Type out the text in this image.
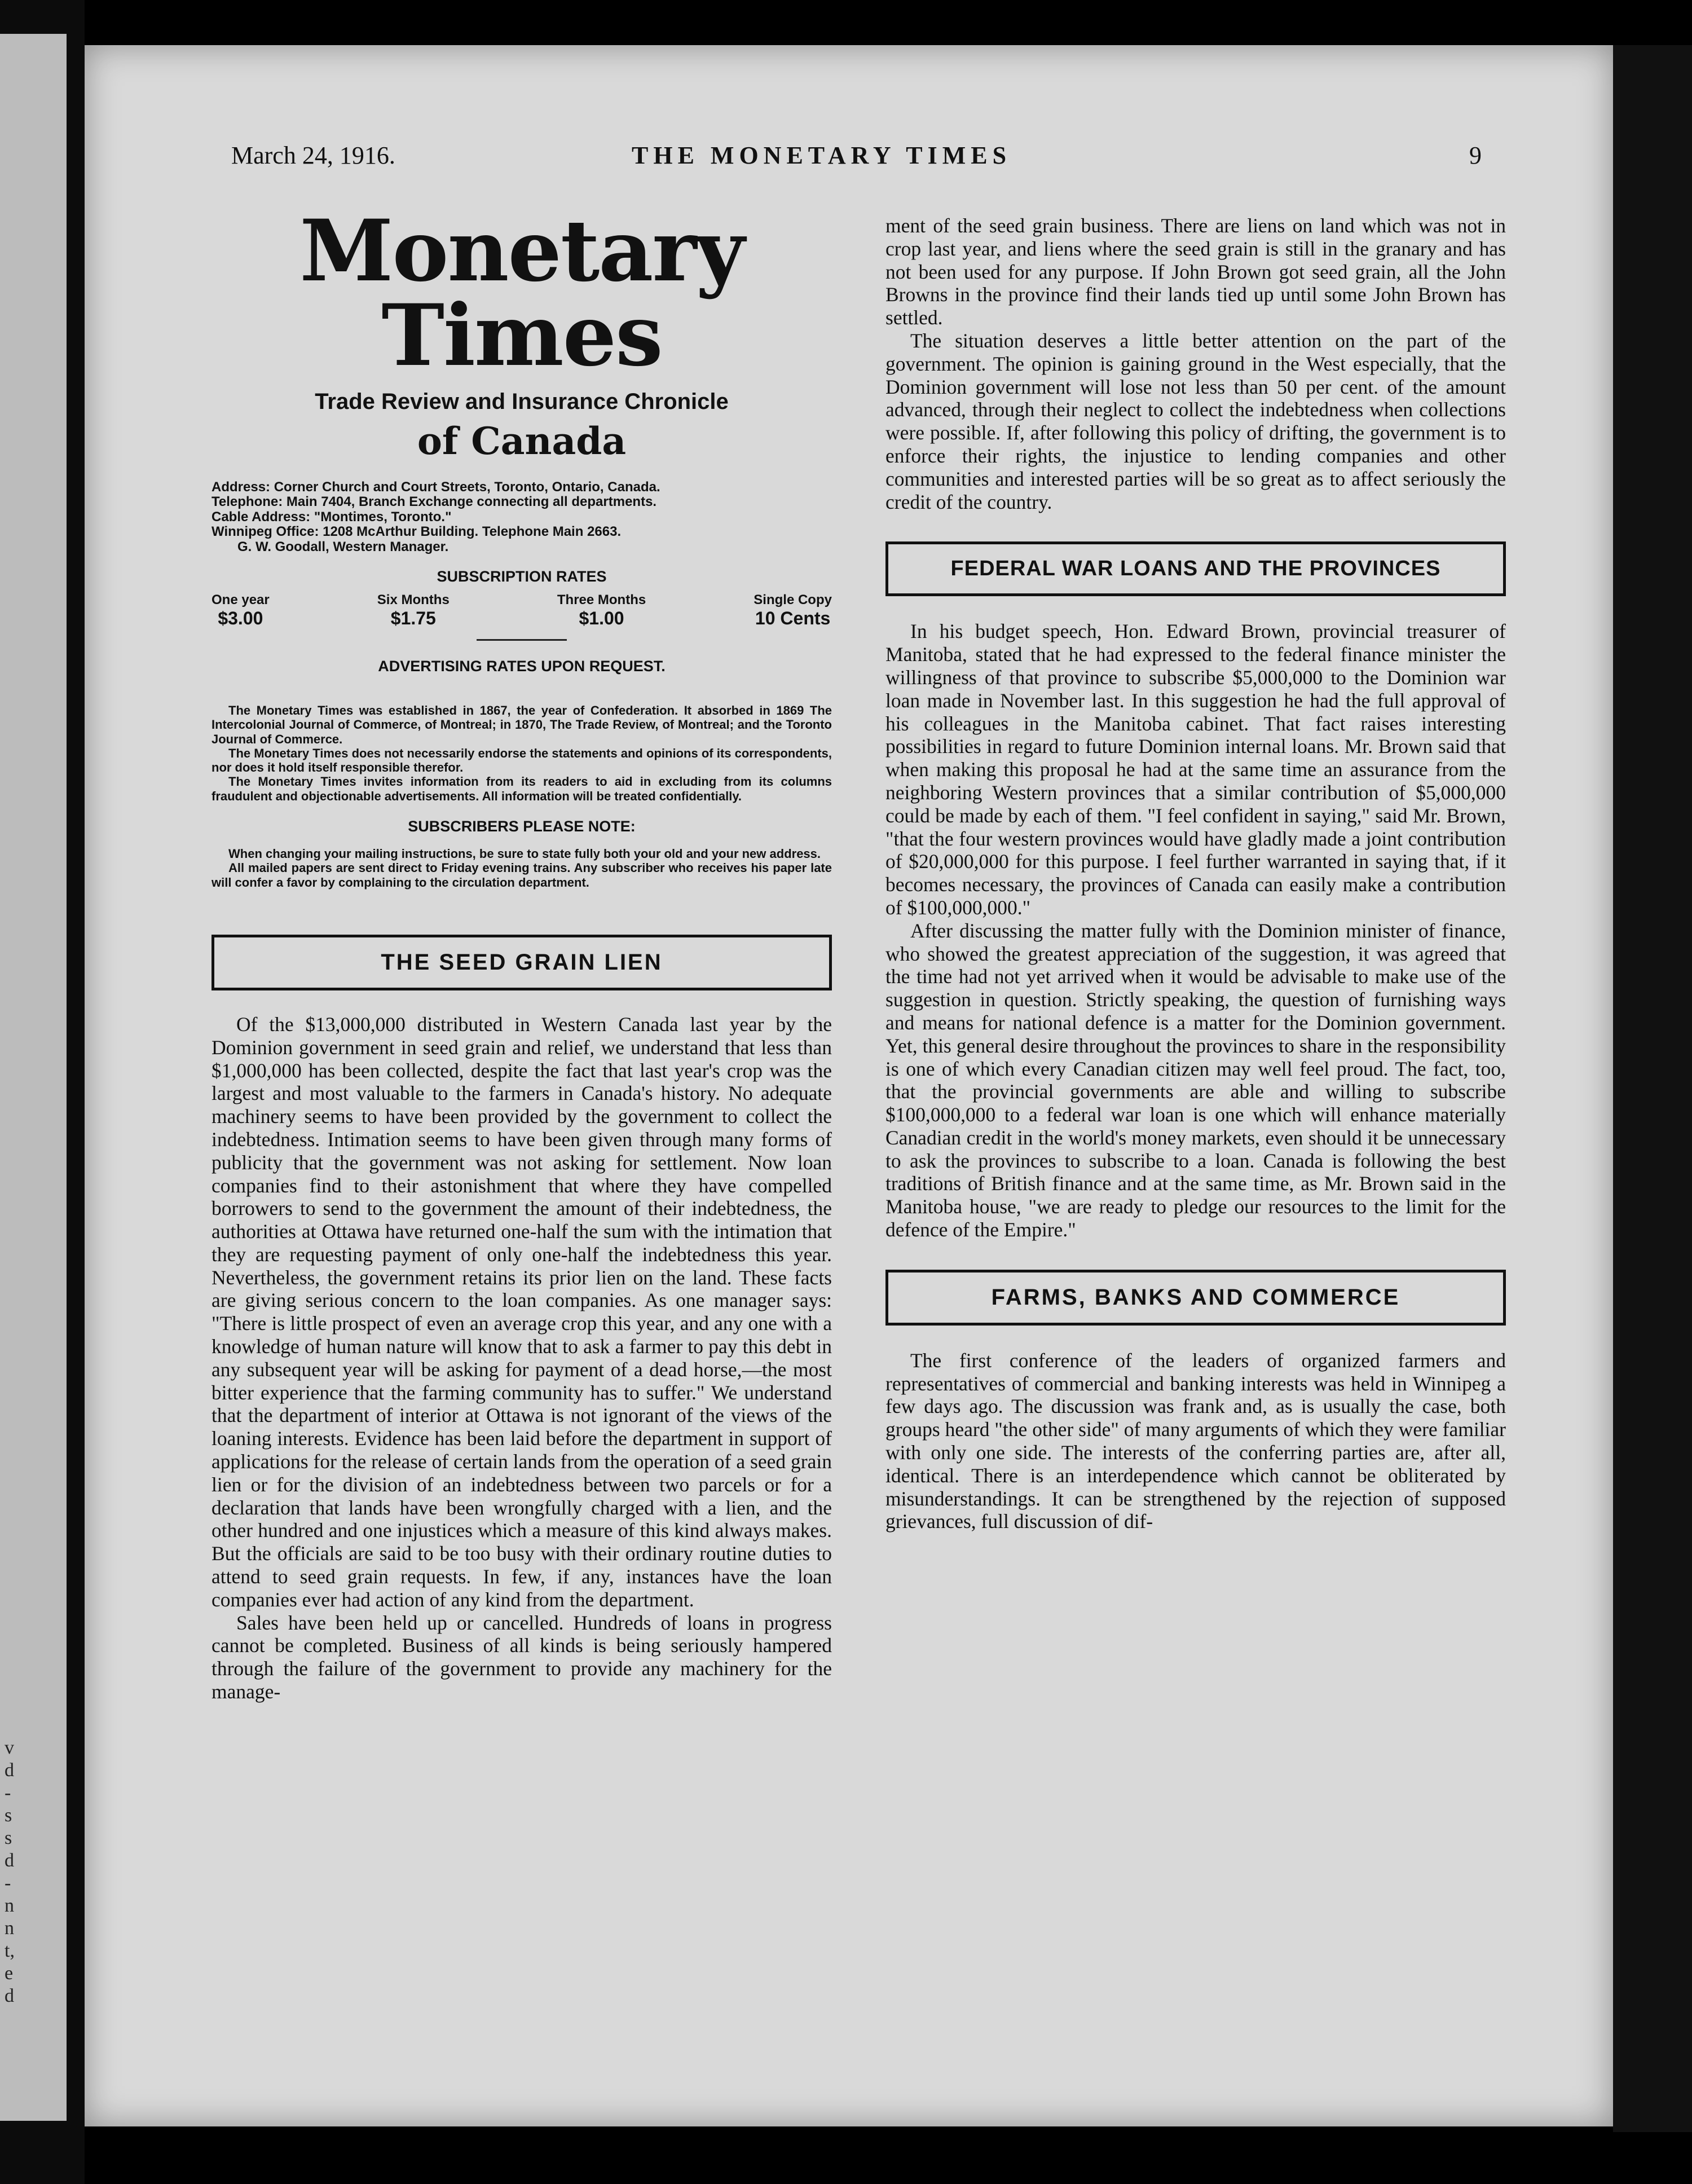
v
d
-
s
s
d
-
n
n
t,
e
d
March 24, 1916.	THE MONETARY TIMES	9
Monetary Times
Trade Review and Insurance Chronicle
of Canada
Address: Corner Church and Court Streets, Toronto, Ontario, Canada.
Telephone: Main 7404, Branch Exchange connecting all departments.
Cable Address: "Montimes, Toronto."
Winnipeg Office: 1208 McArthur Building. Telephone Main 2663.
G. W. Goodall, Western Manager.
SUBSCRIPTION RATES
One year
$3.00
Six Months
$1.75
Three Months
$1.00
Single Copy
10 Cents
ADVERTISING RATES UPON REQUEST.

The Monetary Times was established in 1867, the year of Confederation. It absorbed in 1869 The Intercolonial Journal of Commerce, of Montreal; in 1870, The Trade Review, of Montreal; and the Toronto Journal of Commerce.

The Monetary Times does not necessarily endorse the statements and opinions of its correspondents, nor does it hold itself responsible therefor.

The Monetary Times invites information from its readers to aid in excluding from its columns fraudulent and objectionable advertisements. All information will be treated confidentially.

SUBSCRIBERS PLEASE NOTE:

When changing your mailing instructions, be sure to state fully both your old and your new address.

All mailed papers are sent direct to Friday evening trains. Any subscriber who receives his paper late will confer a favor by complaining to the circulation department.

THE SEED GRAIN LIEN

Of the $13,000,000 distributed in Western Canada last year by the Dominion government in seed grain and relief, we understand that less than $1,000,000 has been collected, despite the fact that last year's crop was the largest and most valuable to the farmers in Canada's history. No adequate machinery seems to have been provided by the government to collect the indebtedness. Intimation seems to have been given through many forms of publicity that the government was not asking for settlement. Now loan companies find to their astonishment that where they have compelled borrowers to send to the government the amount of their indebtedness, the authorities at Ottawa have returned one-half the sum with the intimation that they are requesting payment of only one-half the indebtedness this year. Nevertheless, the government retains its prior lien on the land. These facts are giving serious concern to the loan companies. As one manager says: "There is little prospect of even an average crop this year, and any one with a knowledge of human nature will know that to ask a farmer to pay this debt in any subsequent year will be asking for payment of a dead horse,—the most bitter experience that the farming community has to suffer." We understand that the department of interior at Ottawa is not ignorant of the views of the loaning interests. Evidence has been laid before the department in support of applications for the release of certain lands from the operation of a seed grain lien or for the division of an indebtedness between two parcels or for a declaration that lands have been wrongfully charged with a lien, and the other hundred and one injustices which a measure of this kind always makes. But the officials are said to be too busy with their ordinary routine duties to attend to seed grain requests. In few, if any, instances have the loan companies ever had action of any kind from the department.

Sales have been held up or cancelled. Hundreds of loans in progress cannot be completed. Business of all kinds is being seriously hampered through the failure of the government to provide any machinery for the manage-

ment of the seed grain business. There are liens on land which was not in crop last year, and liens where the seed grain is still in the granary and has not been used for any purpose. If John Brown got seed grain, all the John Browns in the province find their lands tied up until some John Brown has settled.

The situation deserves a little better attention on the part of the government. The opinion is gaining ground in the West especially, that the Dominion government will lose not less than 50 per cent. of the amount advanced, through their neglect to collect the indebtedness when collections were possible. If, after following this policy of drifting, the government is to enforce their rights, the injustice to lending companies and other communities and interested parties will be so great as to affect seriously the credit of the country.

FEDERAL WAR LOANS AND THE PROVINCES

In his budget speech, Hon. Edward Brown, provincial treasurer of Manitoba, stated that he had expressed to the federal finance minister the willingness of that province to subscribe $5,000,000 to the Dominion war loan made in November last. In this suggestion he had the full approval of his colleagues in the Manitoba cabinet. That fact raises interesting possibilities in regard to future Dominion internal loans. Mr. Brown said that when making this proposal he had at the same time an assurance from the neighboring Western provinces that a similar contribution of $5,000,000 could be made by each of them. "I feel confident in saying," said Mr. Brown, "that the four western provinces would have gladly made a joint contribution of $20,000,000 for this purpose. I feel further warranted in saying that, if it becomes necessary, the provinces of Canada can easily make a contribution of $100,000,000."

After discussing the matter fully with the Dominion minister of finance, who showed the greatest appreciation of the suggestion, it was agreed that the time had not yet arrived when it would be advisable to make use of the suggestion in question. Strictly speaking, the question of furnishing ways and means for national defence is a matter for the Dominion government. Yet, this general desire throughout the provinces to share in the responsibility is one of which every Canadian citizen may well feel proud. The fact, too, that the provincial governments are able and willing to subscribe $100,000,000 to a federal war loan is one which will enhance materially Canadian credit in the world's money markets, even should it be unnecessary to ask the provinces to subscribe to a loan. Canada is following the best traditions of British finance and at the same time, as Mr. Brown said in the Manitoba house, "we are ready to pledge our resources to the limit for the defence of the Empire."

FARMS, BANKS AND COMMERCE

The first conference of the leaders of organized farmers and representatives of commercial and banking interests was held in Winnipeg a few days ago. The discussion was frank and, as is usually the case, both groups heard "the other side" of many arguments of which they were familiar with only one side. The interests of the conferring parties are, after all, identical. There is an interdependence which cannot be obliterated by misunderstandings. It can be strengthened by the rejection of supposed grievances, full discussion of dif-
